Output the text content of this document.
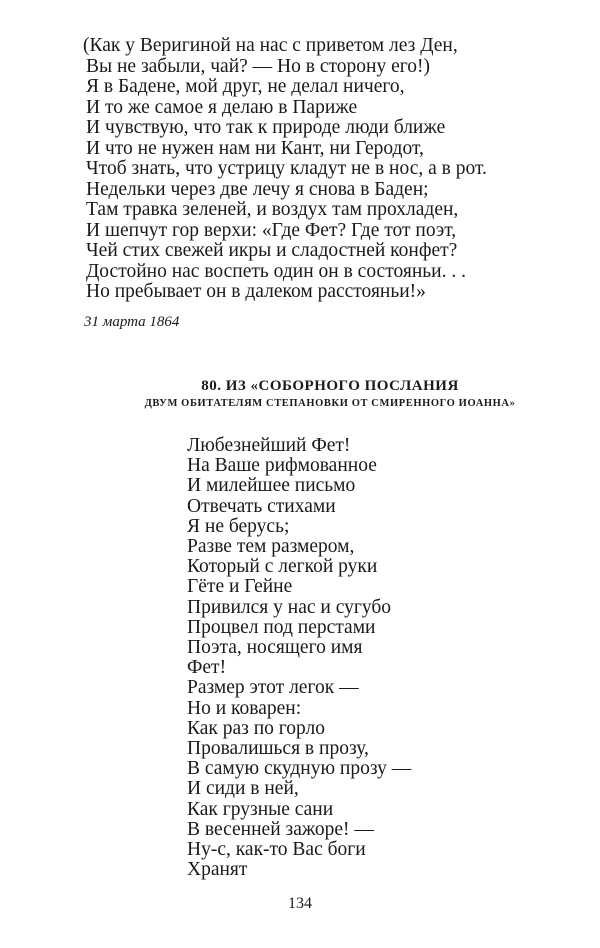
(Как у Веригиной на нас с приветом лез Ден,
Вы не забыли, чай? — Но в сторону его!)
Я в Бадене, мой друг, не делал ничего,
И то же самое я делаю в Париже
И чувствую, что так к природе люди ближе
И что не нужен нам ни Кант, ни Геродот,
Чтоб знать, что устрицу кладут не в нос, а в рот.
Недельки через две лечу я снова в Баден;
Там травка зеленей, и воздух там прохладен,
И шепчут гор верхи: «Где Фет? Где тот поэт,
Чей стих свежей икры и сладостней конфет?
Достойно нас воспеть один он в состояньи. . .
Но пребывает он в далеком расстояньи!»
31 марта 1864
80. ИЗ «СОБОРНОГО ПОСЛАНИЯ
ДВУМ ОБИТАТЕЛЯМ СТЕПАНОВКИ ОТ СМИРЕННОГО ИОАННА»
Любезнейший Фет!
На Ваше рифмованное
И милейшее письмо
Отвечать стихами
Я не берусь;
Разве тем размером,
Который с легкой руки
Гёте и Гейне
Привился у нас и сугубо
Процвел под перстами
Поэта, носящего имя
Фет!
Размер этот легок —
Но и коварен:
Как раз по горло
Провалишься в прозу,
В самую скудную прозу —
И сиди в ней,
Как грузные сани
В весенней зажоре! —
Ну-с, как-то Вас боги
Хранят
134
